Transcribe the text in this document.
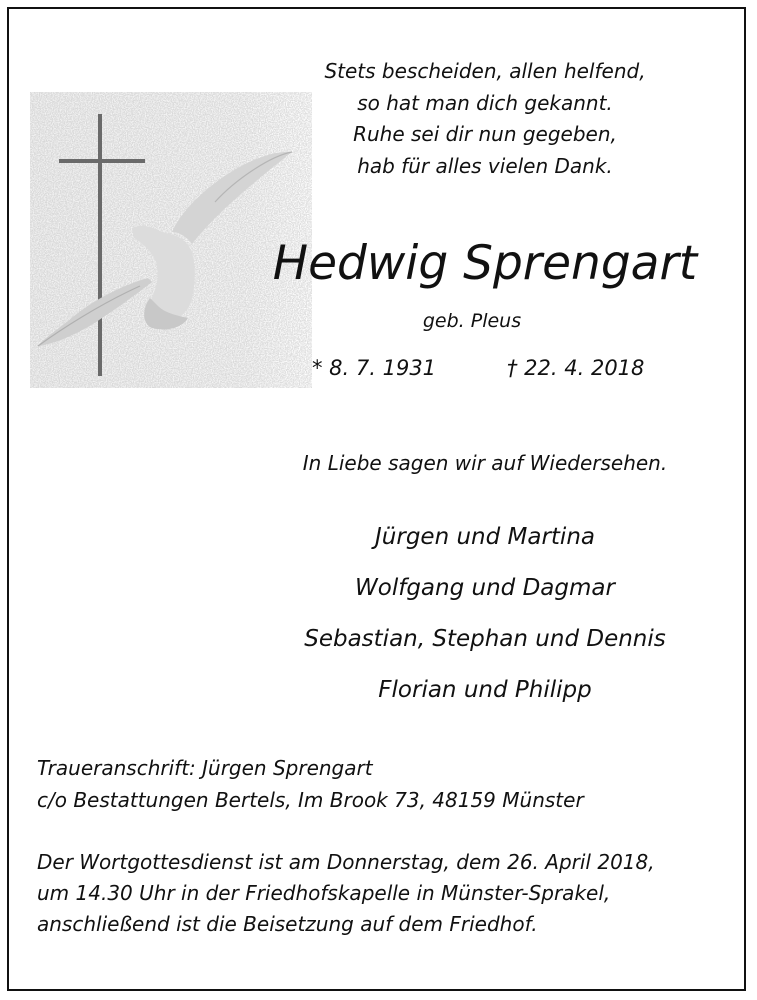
Stets bescheiden, allen helfend,
so hat man dich gekannt.
Ruhe sei dir nun gegeben,
hab für alles vielen Dank.
Hedwig Sprengart
geb. Pleus
* 8. 7. 1931	† 22. 4. 2018
In Liebe sagen wir auf Wiedersehen.
Jürgen und Martina
Wolfgang und Dagmar
Sebastian, Stephan und Dennis
Florian und Philipp
Traueranschrift: Jürgen Sprengart
c/o Bestattungen Bertels, Im Brook 73, 48159 Münster
Der Wortgottesdienst ist am Donnerstag, dem 26. April 2018,
um 14.30 Uhr in der Friedhofskapelle in Münster-Sprakel,
anschließend ist die Beisetzung auf dem Friedhof.
